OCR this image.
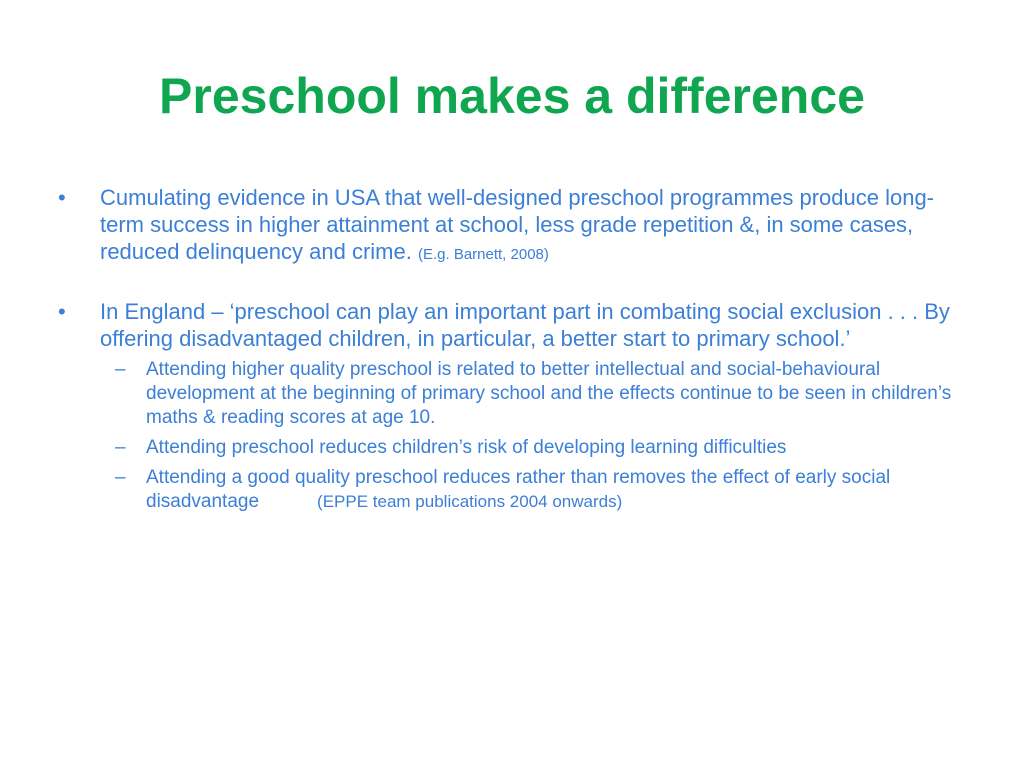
Preschool makes a difference
• Cumulating evidence in USA that well-designed preschool programmes produce long-term success in higher attainment at school, less grade repetition &, in some cases, reduced delinquency and crime. (E.g. Barnett, 2008)
• In England – ‘preschool can play an important part in combating social exclusion . . . By offering disadvantaged children, in particular, a better start to primary school.’
– Attending higher quality preschool is related to better intellectual and social-behavioural development at the beginning of primary school and the effects continue to be seen in children’s maths & reading scores at age 10.
– Attending preschool reduces children’s risk of developing learning difficulties
– Attending a good quality preschool reduces rather than removes the effect of early social disadvantage	(EPPE team publications 2004 onwards)
